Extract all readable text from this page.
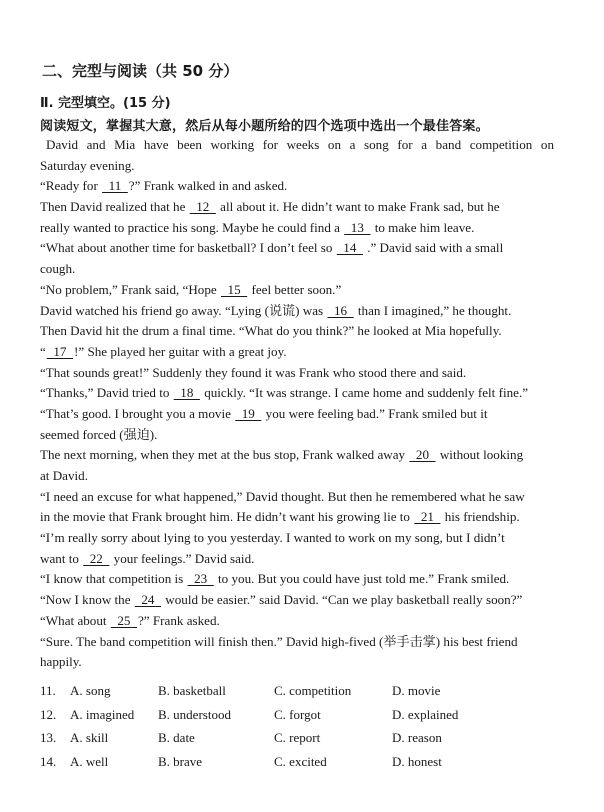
二、完型与阅读（共 50 分）
Ⅱ. 完型填空。(15 分)
阅读短文，掌握其大意，然后从每小题所给的四个选项中选出一个最佳答案。
David and Mia have been working for weeks on a song for a band competition on
Saturday evening.
“Ready for   11  ?” Frank walked in and asked.
Then David realized that he   12   all about it. He didn’t want to make Frank sad, but he
really wanted to practice his song. Maybe he could find a   13   to make him leave.
“What about another time for basketball? I don’t feel so   14   .” David said with a small
cough.
“No problem,” Frank said, “Hope   15   feel better soon.”
David watched his friend go away. “Lying (说谎) was   16   than I imagined,” he thought.
Then David hit the drum a final time. “What do you think?” he looked at Mia hopefully.
“  17  !” She played her guitar with a great joy.
“That sounds great!” Suddenly they found it was Frank who stood there and said.
“Thanks,” David tried to   18   quickly. “It was strange. I came home and suddenly felt fine.”
“That’s good. I brought you a movie   19   you were feeling bad.” Frank smiled but it
seemed forced (强迫).
The next morning, when they met at the bus stop, Frank walked away   20   without looking
at David.
“I need an excuse for what happened,” David thought. But then he remembered what he saw
in the movie that Frank brought him. He didn’t want his growing lie to   21   his friendship.
“I’m really sorry about lying to you yesterday. I wanted to work on my song, but I didn’t
want to   22   your feelings.” David said.
“I know that competition is   23   to you. But you could have just told me.” Frank smiled.
“Now I know the   24   would be easier.” said David. “Can we play basketball really soon?”
“What about   25  ?” Frank asked.
“Sure. The band competition will finish then.” David high-fived (举手击掌) his best friend
happily.
11. A. song	B. basketball	C. competition	D. movie
12. A. imagined B. understood	C. forgot	D. explained
13. A. skill	B. date	C. report	D. reason
14. A. well	B. brave	C. excited	D. honest
